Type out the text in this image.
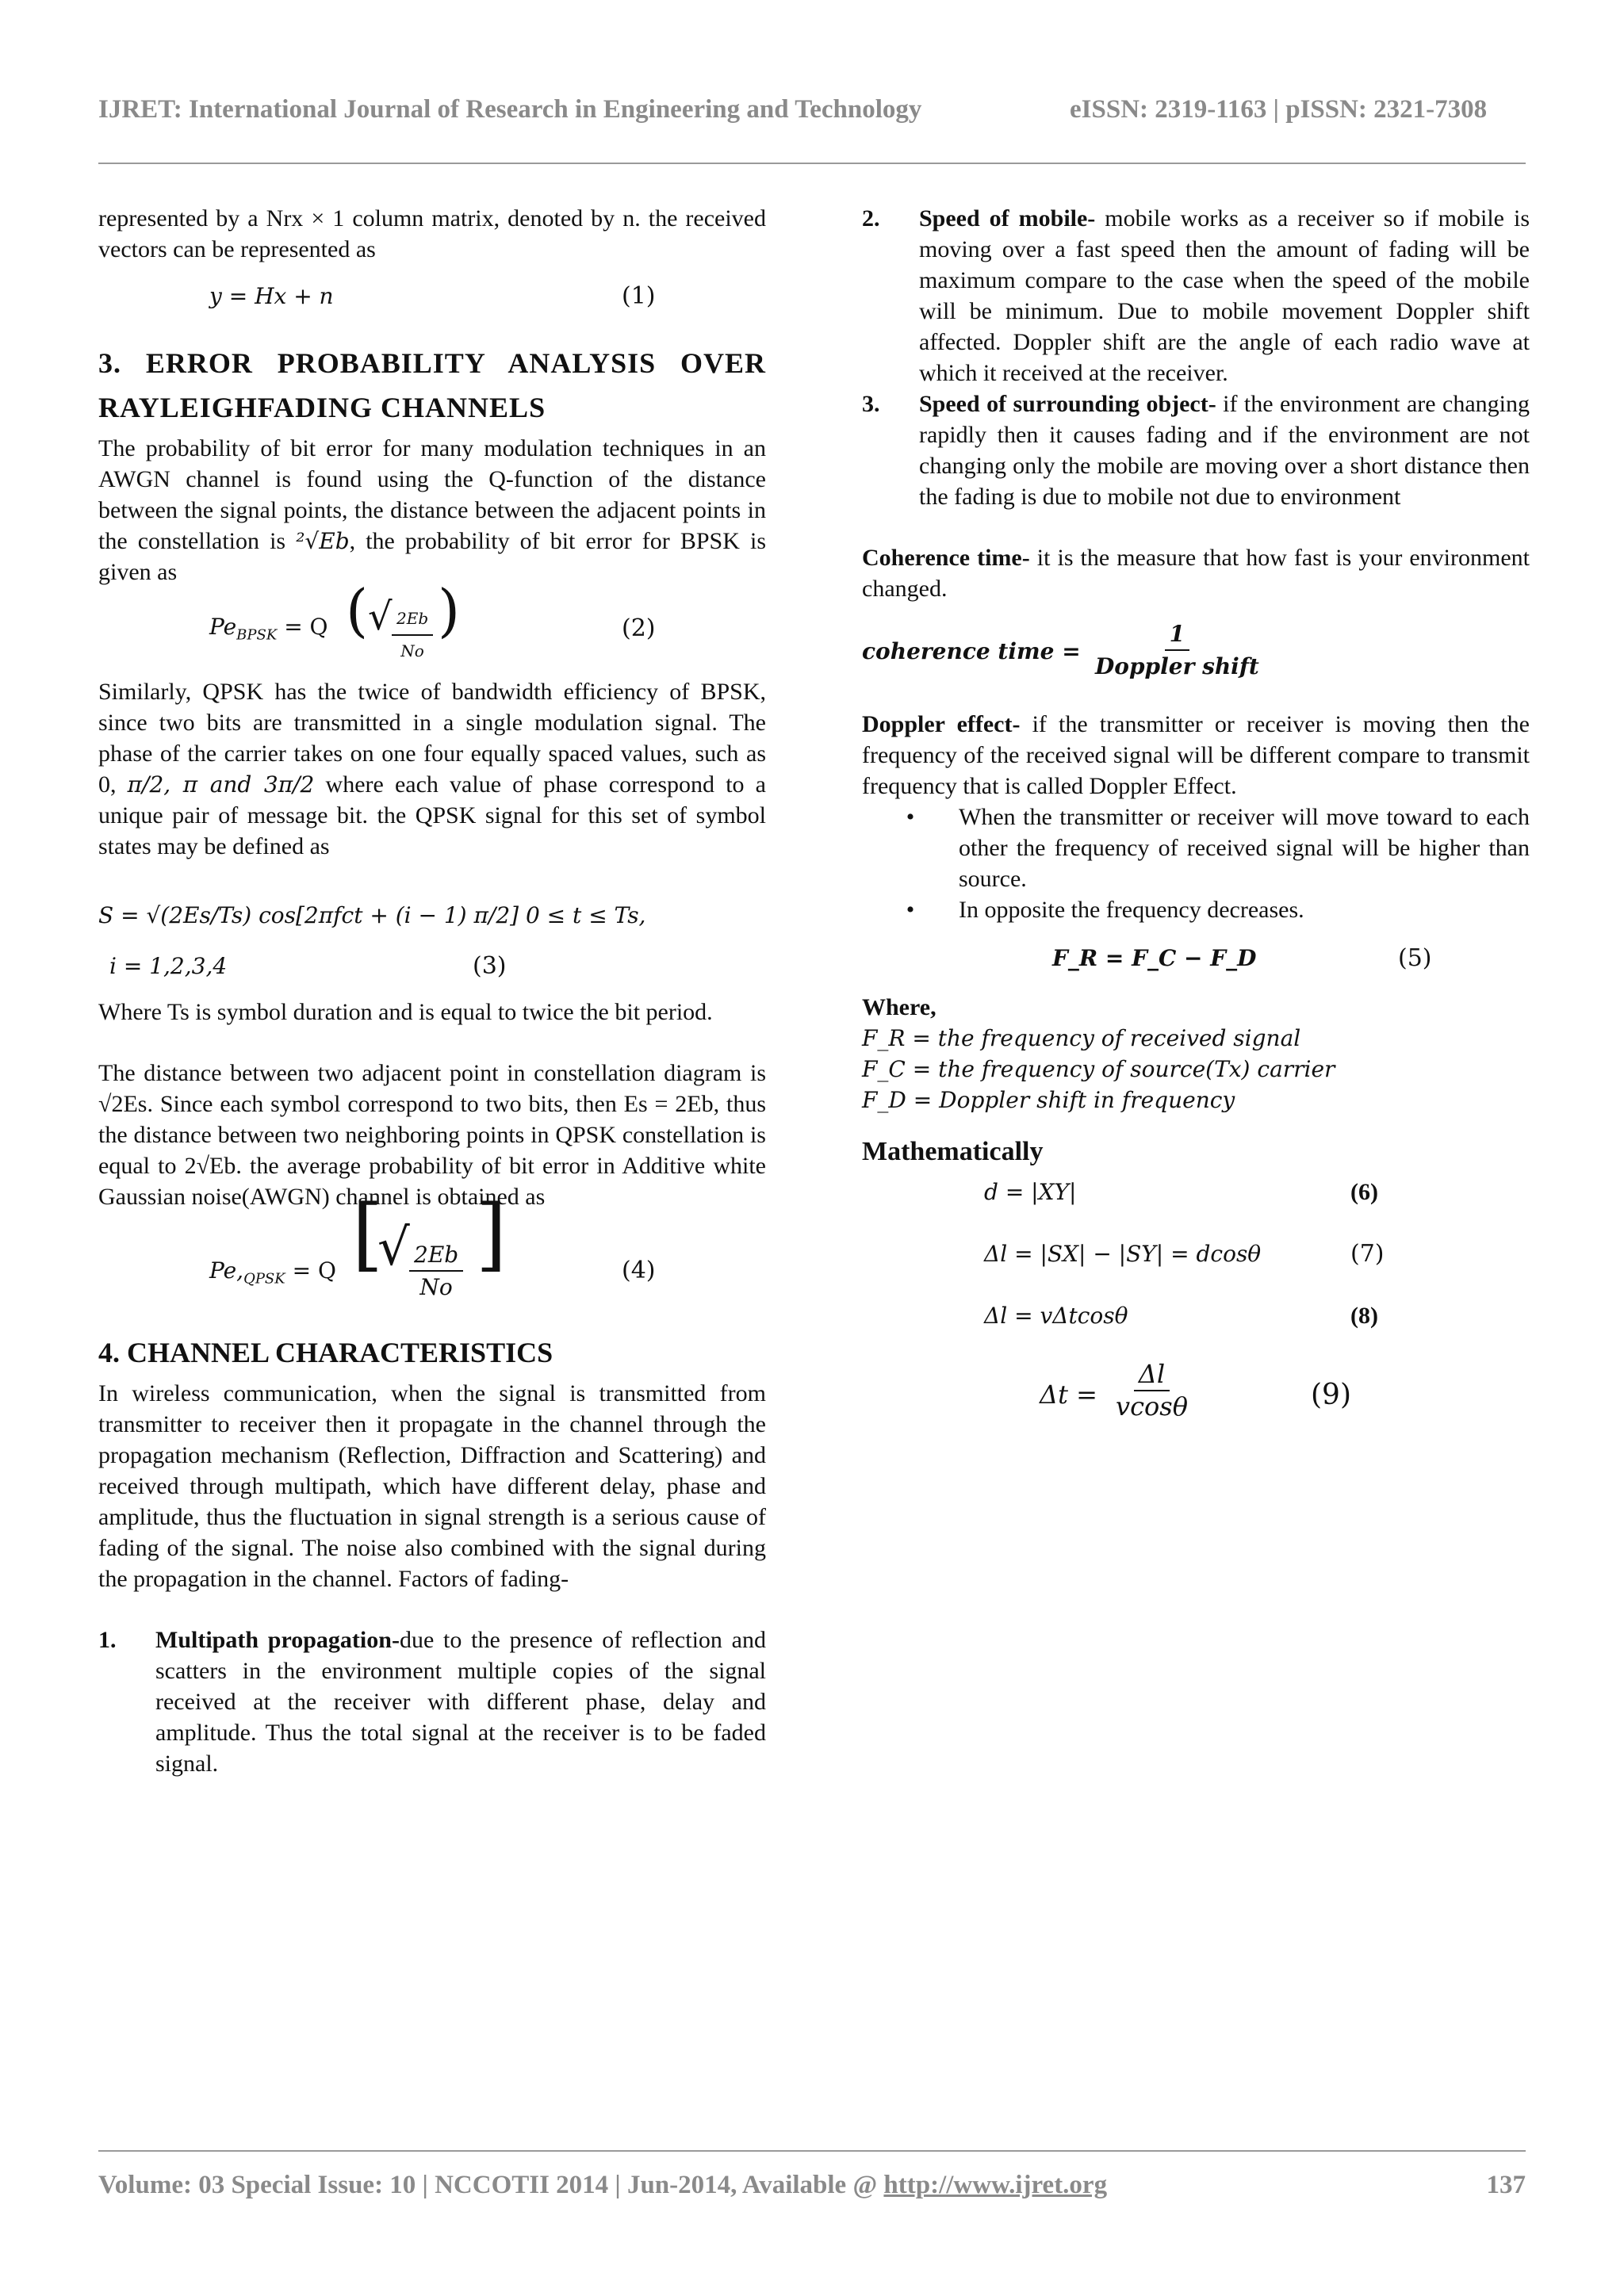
IJRET: International Journal of Research in Engineering and Technology	eISSN: 2319-1163 | pISSN: 2321-7308

represented by a Nrx × 1 column matrix, denoted by n. the received vectors can be represented as

y = Hx + n	(1)
3. ERROR PROBABILITY ANALYSIS OVER
RAYLEIGHFADING CHANNELS

The probability of bit error for many modulation techniques in an AWGN channel is found using the Q-function of the distance between the signal points, the distance between the adjacent points in the constellation is ²√Eb, the probability of bit error for BPSK is given as

$Pe_{BPSK} = Q$ ( √ $\frac{2Eb}{No}$ )	(2)

Similarly, QPSK has the twice of bandwidth efficiency of BPSK, since two bits are transmitted in a single modulation signal. The phase of the carrier takes on one four equally spaced values, such as 0, π/2, π and 3π/2 where each value of phase correspond to a unique pair of message bit. the QPSK signal for this set of symbol states may be defined as

S = √(2Es/Ts) cos[2πfct + (i − 1) π/2] 0 ≤ t ≤ Ts,
i = 1,2,3,4	(3)

Where Ts is symbol duration and is equal to twice the bit period.

The distance between two adjacent point in constellation diagram is √2Es. Since each symbol correspond to two bits, then Es = 2Eb, thus the distance between two neighboring points in QPSK constellation is equal to 2√Eb. the average probability of bit error in Additive white Gaussian noise(AWGN) channel is obtained as

$Pe,_{QPSK} = Q$ [
√ $\frac{2Eb}{No}$ ]	(4)
4. CHANNEL CHARACTERISTICS

In wireless communication, when the signal is transmitted from transmitter to receiver then it propagate in the channel through the propagation mechanism (Reflection, Diffraction and Scattering) and received through multipath, which have different delay, phase and amplitude, thus the fluctuation in signal strength is a serious cause of fading of the signal. The noise also combined with the signal during the propagation in the channel. Factors of fading-

1.	Multipath propagation-due to the presence of reflection and scatters in the environment multiple copies of the signal received at the receiver with different phase, delay and amplitude. Thus the total signal at the receiver is to be faded signal.
2.	Speed of mobile- mobile works as a receiver so if mobile is moving over a fast speed then the amount of fading will be maximum compare to the case when the speed of the mobile will be minimum. Due to mobile movement Doppler shift affected. Doppler shift are the angle of each radio wave at which it received at the receiver.
3.	Speed of surrounding object- if the environment are changing rapidly then it causes fading and if the environment are not changing only the mobile are moving over a short distance then the fading is due to mobile not due to environment

Coherence time- it is the measure that how fast is your environment changed.

coherence time =
1
Doppler shift

Doppler effect- if the transmitter or receiver is moving then the frequency of the received signal will be different compare to transmit frequency that is called Doppler Effect.

•	When the transmitter or receiver will move toward to each other the frequency of received signal will be higher than source.
•	In opposite the frequency decreases.
F_R = F_C − F_D	(5)

Where,

F_R = the frequency of received signal

F_C = the frequency of source(Tx) carrier

F_D = Doppler shift in frequency

Mathematically
d = |XY|	(6)
Δl = |SX| − |SY| = dcosθ	(7)
Δl = vΔtcosθ	(8)
$\Delta t = \frac{\Delta l}{vcos\theta}$	(9)
Volume: 03 Special Issue: 10 | NCCOTII 2014 | Jun-2014, Available @ http://www.ijret.org	137
